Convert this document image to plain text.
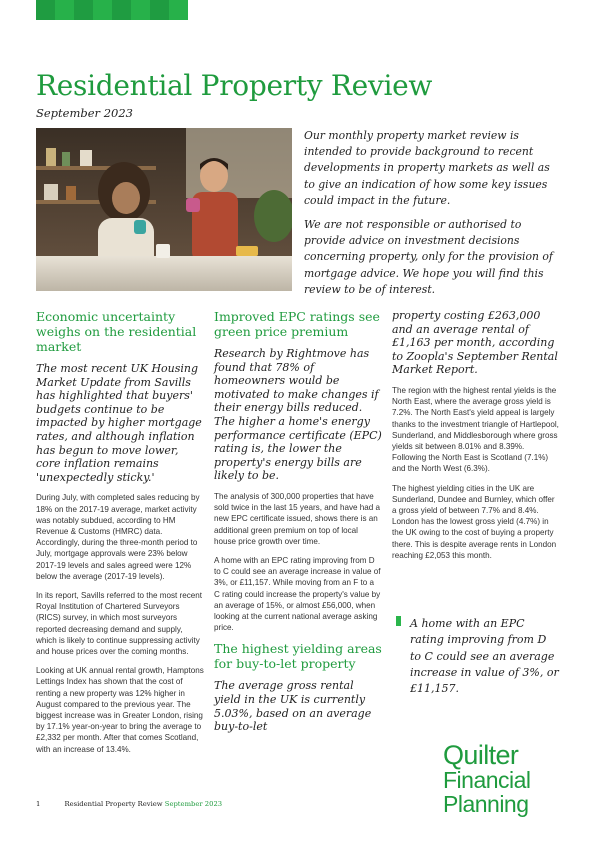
Residential Property Review
September 2023

Our monthly property market review is intended to provide background to recent developments in property markets as well as to give an indication of how some key issues could impact in the future.

We are not responsible or authorised to provide advice on investment decisions concerning property, only for the provision of mortgage advice. We hope you will find this review to be of interest.

Economic uncertainty weighs on the residential market

The most recent UK Housing Market Update from Savills has highlighted that buyers' budgets continue to be impacted by higher mortgage rates, and although inflation has begun to move lower, core inflation remains 'unexpectedly sticky.'

During July, with completed sales reducing by 18% on the 2017-19 average, market activity was notably subdued, according to HM Revenue & Customs (HMRC) data. Accordingly, during the three-month period to July, mortgage approvals were 23% below 2017-19 levels and sales agreed were 12% below the average (2017-19 levels).

In its report, Savills referred to the most recent Royal Institution of Chartered Surveyors (RICS) survey, in which most surveyors reported decreasing demand and supply, which is likely to continue suppressing activity and house prices over the coming months.

Looking at UK annual rental growth, Hamptons Lettings Index has shown that the cost of renting a new property was 12% higher in August compared to the previous year. The biggest increase was in Greater London, rising by 17.1% year-on-year to bring the average to £2,332 per month. After that comes Scotland, with an increase of 13.4%.

Improved EPC ratings see green price premium

Research by Rightmove has found that 78% of homeowners would be motivated to make changes if their energy bills reduced. The higher a home's energy performance certificate (EPC) rating is, the lower the property's energy bills are likely to be.

The analysis of 300,000 properties that have sold twice in the last 15 years, and have had a new EPC certificate issued, shows there is an additional green premium on top of local house price growth over time.

A home with an EPC rating improving from D to C could see an average increase in value of 3%, or £11,157. While moving from an F to a C rating could increase the property's value by an average of 15%, or almost £56,000, when looking at the current national average asking price.

The highest yielding areas for buy-to-let property

The average gross rental yield in the UK is currently 5.03%, based on an average buy-to-let

property costing £263,000 and an average rental of £1,163 per month, according to Zoopla's September Rental Market Report.

The region with the highest rental yields is the North East, where the average gross yield is 7.2%. The North East's yield appeal is largely thanks to the investment triangle of Hartlepool, Sunderland, and Middlesborough where gross yields sit between 8.01% and 8.39%. Following the North East is Scotland (7.1%) and the North West (6.3%).

The highest yielding cities in the UK are Sunderland, Dundee and Burnley, which offer a gross yield of between 7.7% and 8.4%. London has the lowest gross yield (4.7%) in the UK owing to the cost of buying a property there. This is despite average rents in London reaching £2,053 this month.

A home with an EPC rating improving from D to C could see an average increase in value of 3%, or £11,157.
Quilter
Financial
Planning
1	Residential Property Review September 2023
